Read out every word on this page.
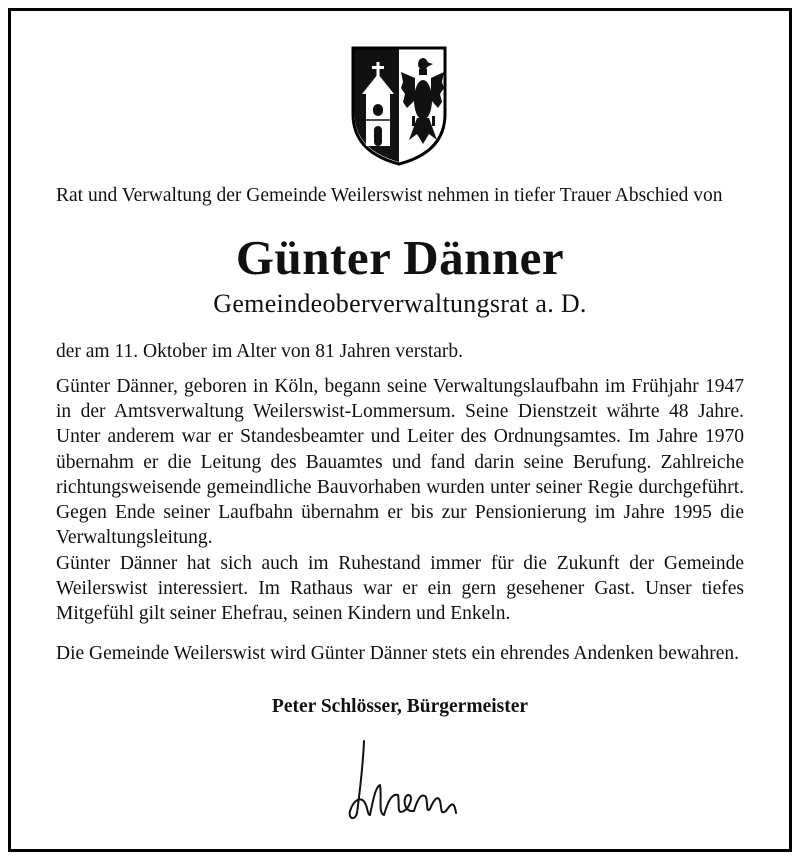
Rat und Verwaltung der Gemeinde Weilerswist nehmen in tiefer Trauer Abschied von
Günter Dänner
Gemeindeoberverwaltungsrat a. D.

der am 11. Oktober im Alter von 81 Jahren verstarb.

Günter Dänner, geboren in Köln, begann seine Verwaltungslaufbahn im Frühjahr 1947 in der Amtsverwaltung Weilerswist-Lommersum. Seine Dienstzeit währte 48 Jahre. Unter anderem war er Standesbeamter und Leiter des Ordnungsamtes. Im Jahre 1970 übernahm er die Leitung des Bauamtes und fand darin seine Berufung. Zahlreiche richtungsweisende gemeindliche Bauvorhaben wurden unter seiner Regie durchgeführt. Gegen Ende seiner Laufbahn übernahm er bis zur Pensionierung im Jahre 1995 die Verwaltungsleitung.

Günter Dänner hat sich auch im Ruhestand immer für die Zukunft der Gemeinde Weilerswist interessiert. Im Rathaus war er ein gern gesehener Gast. Unser tiefes Mitgefühl gilt seiner Ehefrau, seinen Kindern und Enkeln.

Die Gemeinde Weilerswist wird Günter Dänner stets ein ehrendes Andenken bewahren.

Peter Schlösser, Bürgermeister
